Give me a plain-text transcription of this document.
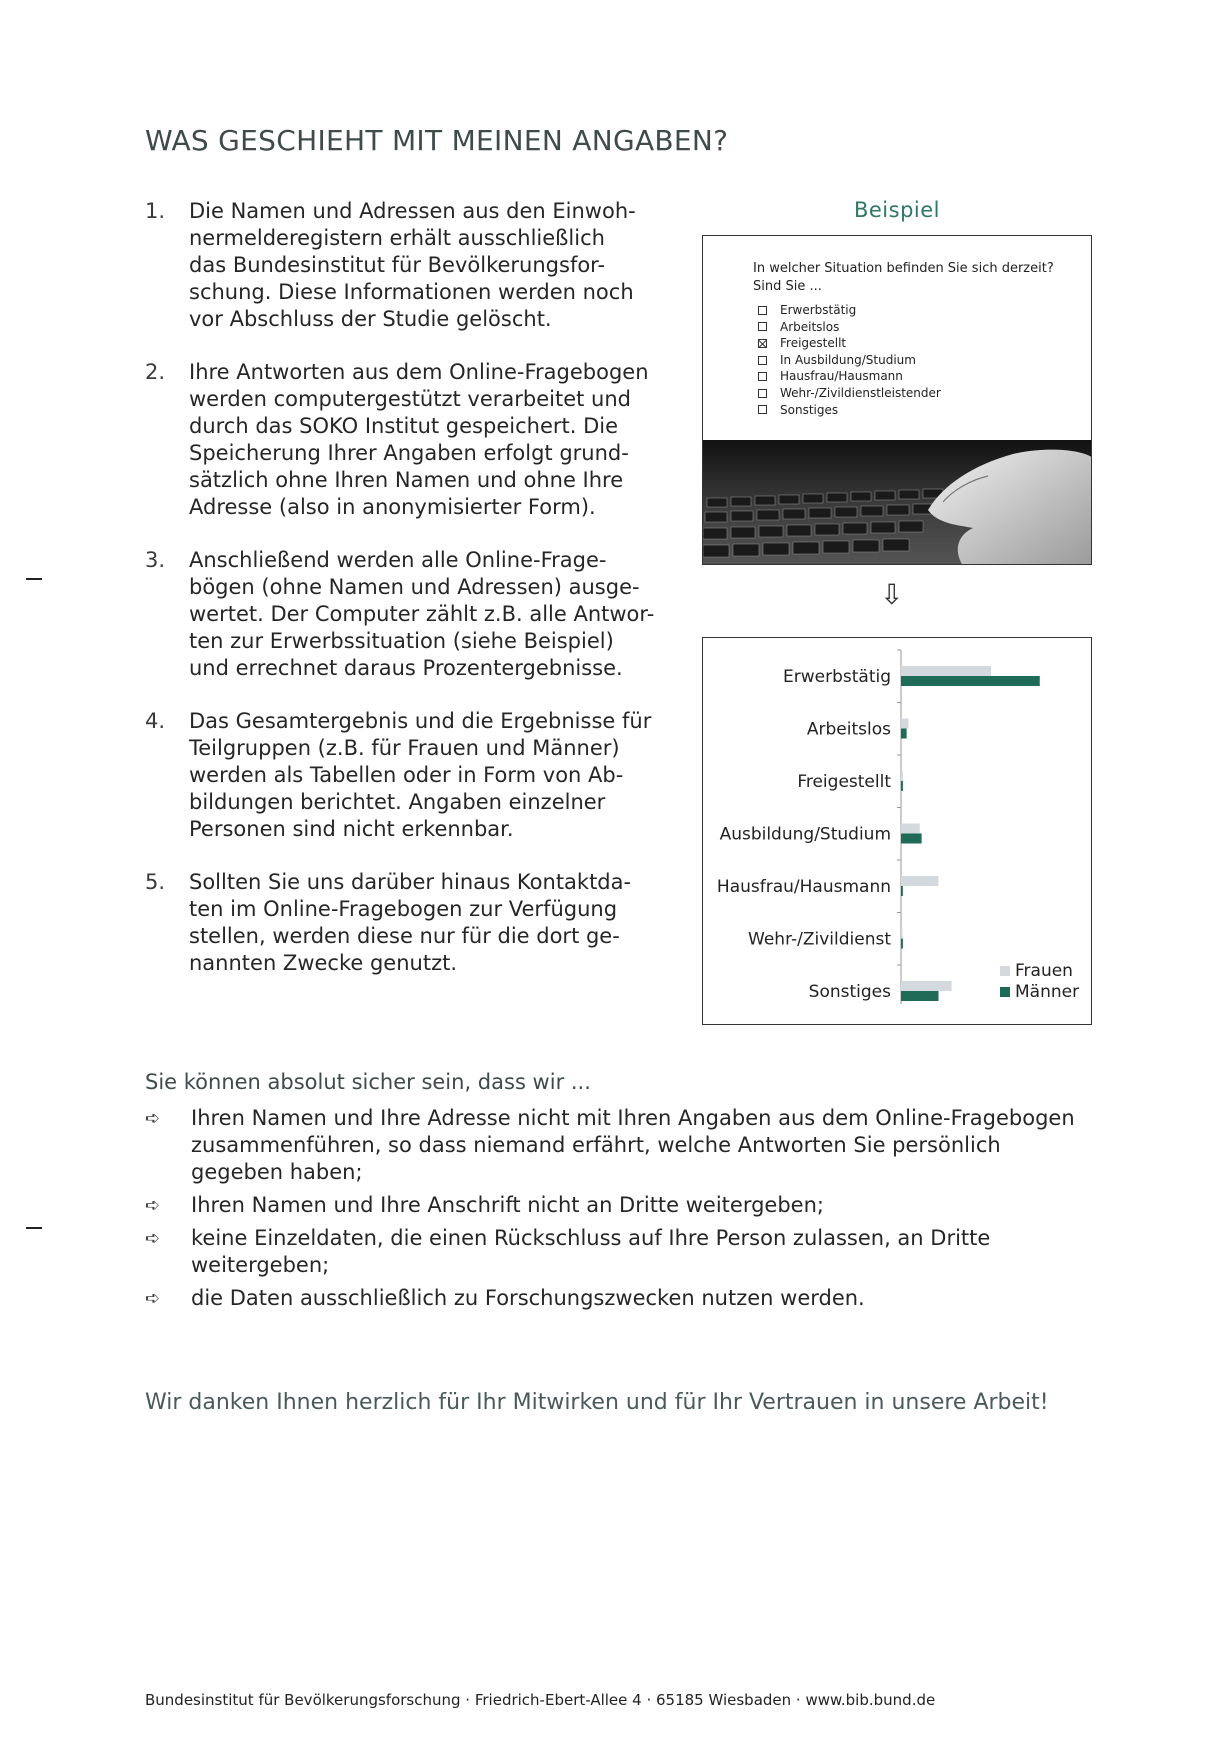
WAS GESCHIEHT MIT MEINEN ANGABEN?
1.	Die Namen und Adressen aus den Einwoh-
nermelderegistern erhält ausschließlich
das Bundesinstitut für Bevölkerungsfor-
schung. Diese Informationen werden noch
vor Abschluss der Studie gelöscht.
2.	Ihre Antworten aus dem Online-Fragebogen
werden computergestützt verarbeitet und
durch das SOKO Institut gespeichert. Die
Speicherung Ihrer Angaben erfolgt grund-
sätzlich ohne Ihren Namen und ohne Ihre
Adresse (also in anonymisierter Form).
3.	Anschließend werden alle Online-Frage-
bögen (ohne Namen und Adressen) ausge-
wertet. Der Computer zählt z.B. alle Antwor-
ten zur Erwerbssituation (siehe Beispiel)
und errechnet daraus Prozentergebnisse.
4.	Das Gesamtergebnis und die Ergebnisse für
Teilgruppen (z.B. für Frauen und Männer)
werden als Tabellen oder in Form von Ab-
bildungen berichtet. Angaben einzelner
Personen sind nicht erkennbar.
5.	Sollten Sie uns darüber hinaus Kontaktda-
ten im Online-Fragebogen zur Verfügung
stellen, werden diese nur für die dort ge-
nannten Zwecke genutzt.
Beispiel
In welcher Situation befinden Sie sich derzeit?
Sind Sie ...
Erwerbstätig
Arbeitslos
Freigestellt
In Ausbildung/Studium
Hausfrau/Hausmann
Wehr-/Zivildienstleistender
Sonstiges
⇩
Erwerbstätig
Arbeitslos
Freigestellt
Ausbildung/Studium
Hausfrau/Hausmann
Wehr-/Zivildienst
Sonstiges
Frauen
Männer
Sie können absolut sicher sein, dass wir ...
➪	Ihren Namen und Ihre Adresse nicht mit Ihren Angaben aus dem Online-Fragebogen zusammenführen, so dass niemand erfährt, welche Antworten Sie persönlich gegeben haben;
➪	Ihren Namen und Ihre Anschrift nicht an Dritte weitergeben;
➪	keine Einzeldaten, die einen Rückschluss auf Ihre Person zulassen, an Dritte weitergeben;
➪	die Daten ausschließlich zu Forschungszwecken nutzen werden.
Wir danken Ihnen herzlich für Ihr Mitwirken und für Ihr Vertrauen in unsere Arbeit!
Bundesinstitut für Bevölkerungsforschung · Friedrich-Ebert-Allee 4 · 65185 Wiesbaden · www.bib.bund.de
